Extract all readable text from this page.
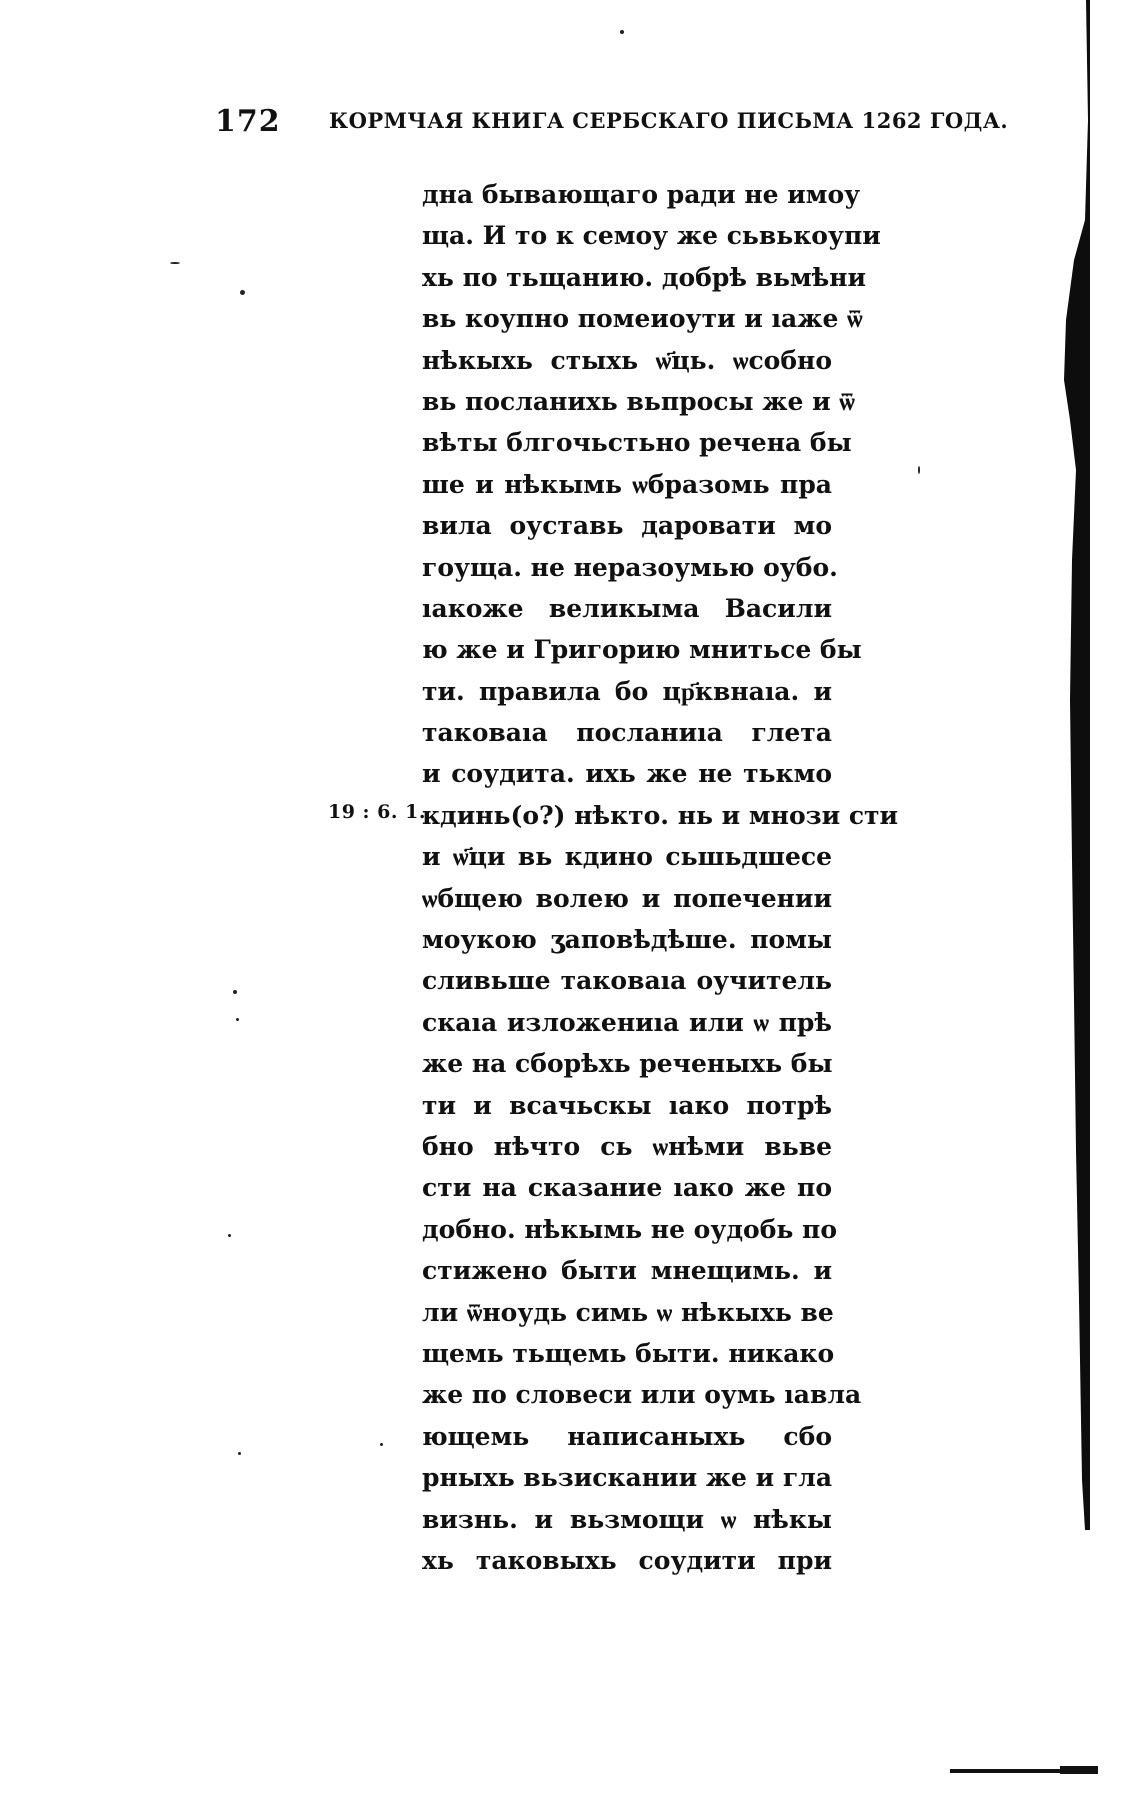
172 КОРМЧАЯ КНИГА СЕРБСКАГО ПИСЬМА 1262 ГОДА.
19 : 6. 1.
дна бывающаго ради не имоу
ща. И то к семоу же сьвькоупи
хь по тьщанию. добрѣ вьмѣни
вь коупно помеиоути и ıaже ѿ
нѣкыхь стыхь ѡ҃ць. ѡсобно
вь посланихь вьпросы же и ѿ
вѣты блгочьстьно речена бы
ше и нѣкымь ѡбразомь пра
вила оуставь даровати мо
гоуща. не неразоумью оубо.
ıaкоже великыма Васили
ю же и Григорию мнитьсе бы
ти. правила бо цр҃квнаıa. и
таковаıa посланиıa глета
и соудита. ихь же не тькмо
кдинь(о?) нѣкто. нь и мнози сти
и ѡ҃ци вь кдино сьшьдшесе
ѡбщею волею и попечении
моукою ӡаповѣдѣше. помы
сливьше таковаıa оучитель
скаıa изложениıa или ѡ прѣ
же на сборѣхь реченыхь бы
ти и всачьскы ıaко потрѣ
бно нѣчто сь ѡнѣми вьве
сти на сказание ıaко же по
добно. нѣкымь не оудобь по
стижено быти мнещимь. и
ли ѿноудь симь ѡ нѣкыхь ве
щемь тьщемь быти. никако
же по словеси или оумь ıaвла
ющемь написаныхь сбо
рныхь вьзискании же и гла
визнь. и вьзмощи ѡ нѣкы
хь таковыхь соудити при
